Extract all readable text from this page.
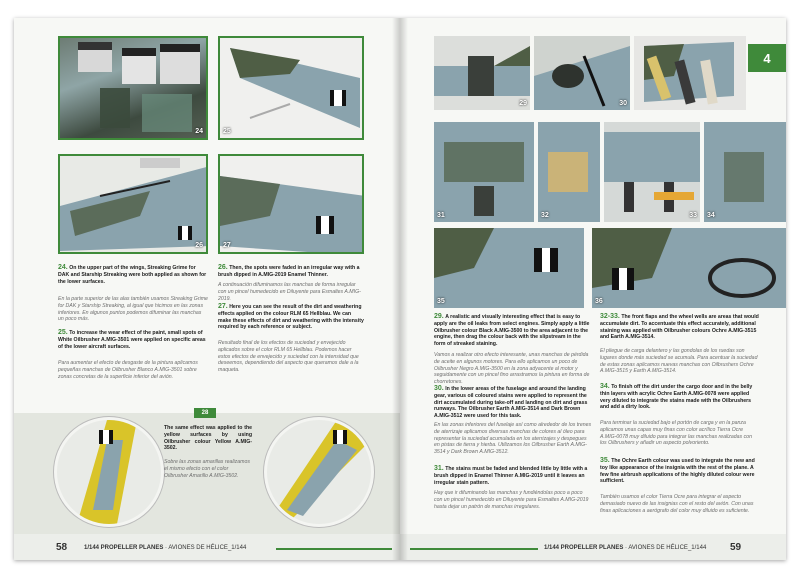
24	25
26	27
24. On the upper part of the wings, Streaking Grime for DAK and Starship Streaking were both applied as shown for the lower surfaces.
En la parte superior de las alas también usamos Streaking Grime for DAK y Starship Streaking, al igual que hicimos en las zonas inferiores. En algunos puntos podemos difuminar las manchas un poco más.
25. To increase the wear effect of the paint, small spots of White Oilbrusher A.MIG-3501 were applied on specific areas of the lower aircraft surfaces.
Para aumentar el efecto de desgaste de la pintura aplicamos pequeñas manchas de Oilbrusher Blanco A.MIG-3501 sobre zonas concretas de la superficie inferior del avión.
26. Then, the spots were faded in an irregular way with a brush dipped in A.MIG-2019 Enamel Thinner.
A continuación difuminamos las manchas de forma irregular con un pincel humedecido en Diluyente para Esmaltes A.MIG-2019.
27. Here you can see the result of the dirt and weathering effects applied on the colour RLM 65 Hellblau. We can make these effects of dirt and weathering with the intensity required by each reference or subject.
Resultado final de los efectos de suciedad y envejecido aplicados sobre el color RLM 65 Hellblau. Podemos hacer estos efectos de envejecido y suciedad con la intensidad que deseemos, dependiendo del aspecto que queramos dale a la maqueta.
The same effect was applied to the yellow surfaces by using Oilbrusher colour Yellow A.MIG-3502.
Sobre las zonas amarillas realizamos el mismo efecto con el color Oilbrusher Amarillo A.MIG-3502.
28
58	1/144 PROPELLER PLANES · AVIONES DE HÉLICE_1/144
4
29	30
31	32	33 34
35	36
29. A realistic and visually interesting effect that is easy to apply are the oil leaks from select engines. Simply apply a little Oilbrusher colour Black A.MIG-3500 to the area adjacent to the engine, then drag the colour back with the slipstream in the form of streaked staining.
Vamos a realizar otro efecto interesante, unas manchas de pérdida de aceite en algunos motores. Para ello aplicamos un poco de Oilbrusher Negro A.MIG-3500 en la zona adyacente al motor y seguidamente con un pincel fino arrastramos la pintura en forma de chorretones.
30. In the lower areas of the fuselage and around the landing gear, various oil coloured stains were applied to represent the dirt accumulated during take-off and landing on dirt and grass runways. The Oilbrusher Earth A.MIG-3514 and Dark Brown A.MIG-3512 were used for this task.
En las zonas inferiores del fuselaje así como alrededor de los trenes de aterrizaje aplicamos diversas manchas de colores al óleo para representar la suciedad acumulada en los aterrizajes y despegues en pistas de tierra y hierba. Utilizamos los Oilbrusher Earth A.MIG-3514 y Dark Brown A.MIG-3512.
31. The stains must be faded and blended little by little with a brush dipped in Enamel Thinner A.MIG-2019 until it leaves an irregular stain pattern.
Hay que ir difuminando las manchas y fundiéndolas poco a poco con un pincel humedecido en Diluyente para Esmaltes A.MIG-2019 hasta dejar un patrón de manchas irregulares.
32-33. The front flaps and the wheel wells are areas that would accumulate dirt. To accentuate this effect accurately, additional staining was applied with Oilbrusher colours Ochre A.MIG-3515 and Earth A.MIG-3514.
El pliegue de carga delantero y las gondolas de los ruedas son lugares donde más suciedad se acumula. Para acentuar la suciedad de estas zonas aplicamos nuevas manchas con Oilbrushers Ochre A.MIG-3515 y Earth A.MIG-3514.
34. To finish off the dirt under the cargo door and in the belly thin layers with acrylic Ochre Earth A.MIG-0078 were applied very diluted to integrate the stains made with the Oilbrushers and add a dirty look.
Para terminar la suciedad bajo el portón de carga y en la panza aplicamos unas capas muy finas con color acrílico Tierra Ocre A.MIG-0078 muy diluido para integrar las manchas realizadas con los Oilbrushers y añadir un aspecto polvoriento.
35. The Ochre Earth colour was used to integrate the new and toy like appearance of the insignia with the rest of the plane. A few fine airbrush applications of the highly diluted colour were sufficient.
También usamos el color Tierra Ocre para integrar el aspecto demasiado nuevo de las insignias con el resto del avión. Con unas finas aplicaciones a aerógrafo del color muy diluido es suficiente.
1/144 PROPELLER PLANES · AVIONES DE HÉLICE_1/144 59
